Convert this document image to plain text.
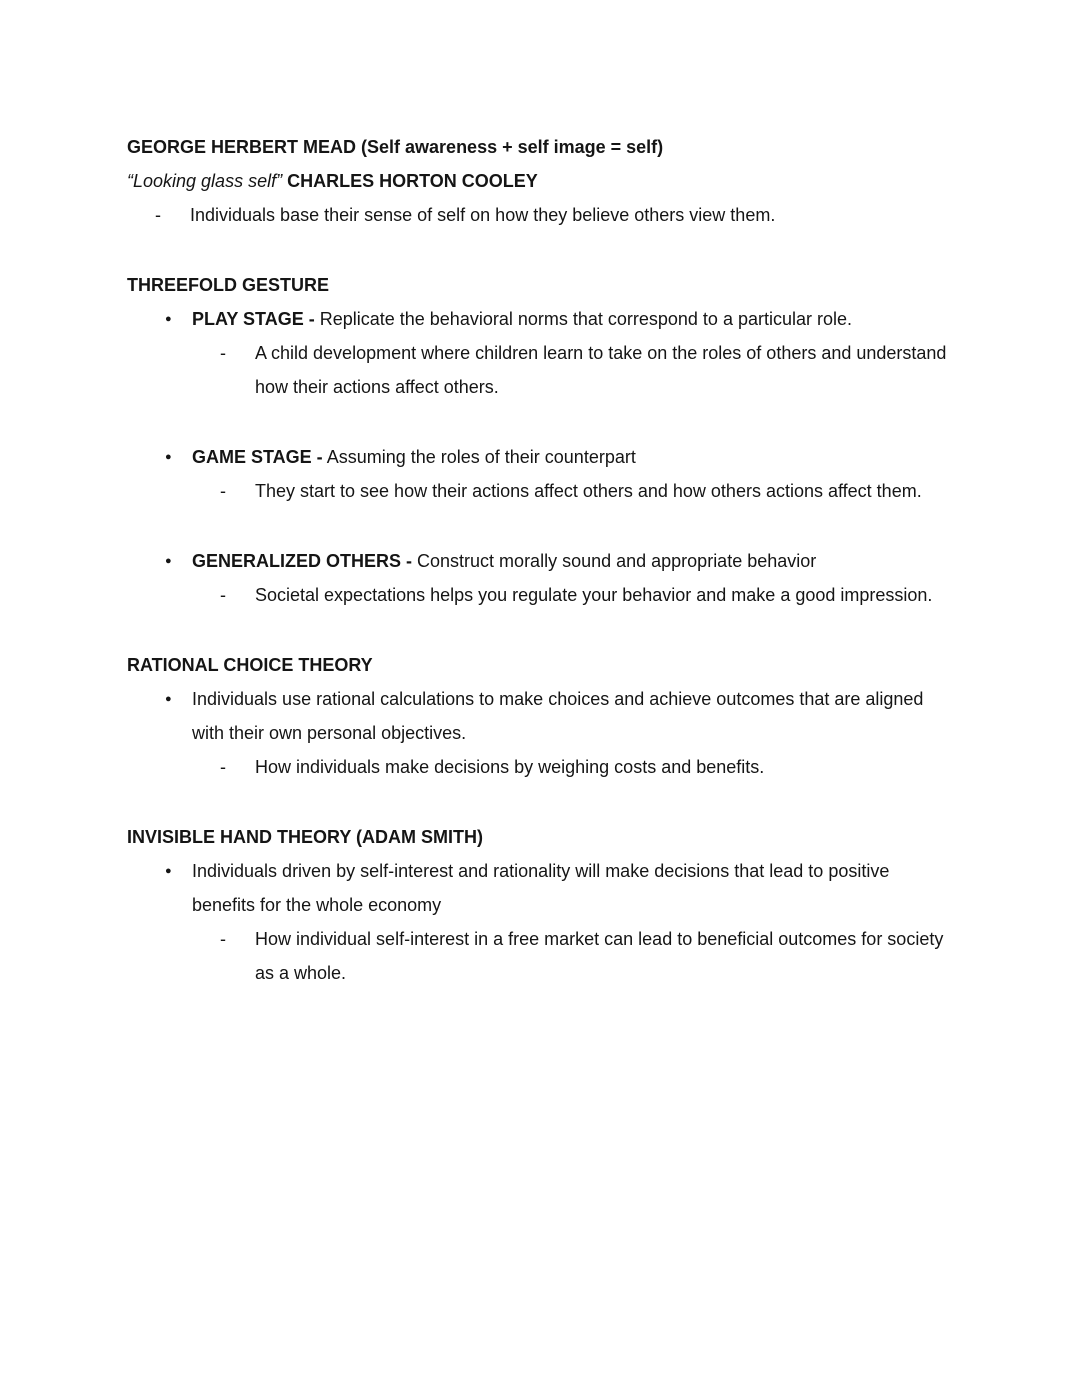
GEORGE HERBERT MEAD (Self awareness + self image = self)

“Looking glass self” CHARLES HORTON COOLEY

-	Individuals base their sense of self on how they believe others view them.
THREEFOLD GESTURE
●	PLAY STAGE - Replicate the behavioral norms that correspond to a particular role.
-	A child development where children learn to take on the roles of others and understand how their actions affect others.
●	GAME STAGE - Assuming the roles of their counterpart
-	They start to see how their actions affect others and how others actions affect them.
●	GENERALIZED OTHERS - Construct morally sound and appropriate behavior
-	Societal expectations helps you regulate your behavior and make a good impression.
RATIONAL CHOICE THEORY
●	Individuals use rational calculations to make choices and achieve outcomes that are aligned with their own personal objectives.
-	How individuals make decisions by weighing costs and benefits.
INVISIBLE HAND THEORY (ADAM SMITH)
●	Individuals driven by self-interest and rationality will make decisions that lead to positive benefits for the whole economy
-	How individual self-interest in a free market can lead to beneficial outcomes for society as a whole.
